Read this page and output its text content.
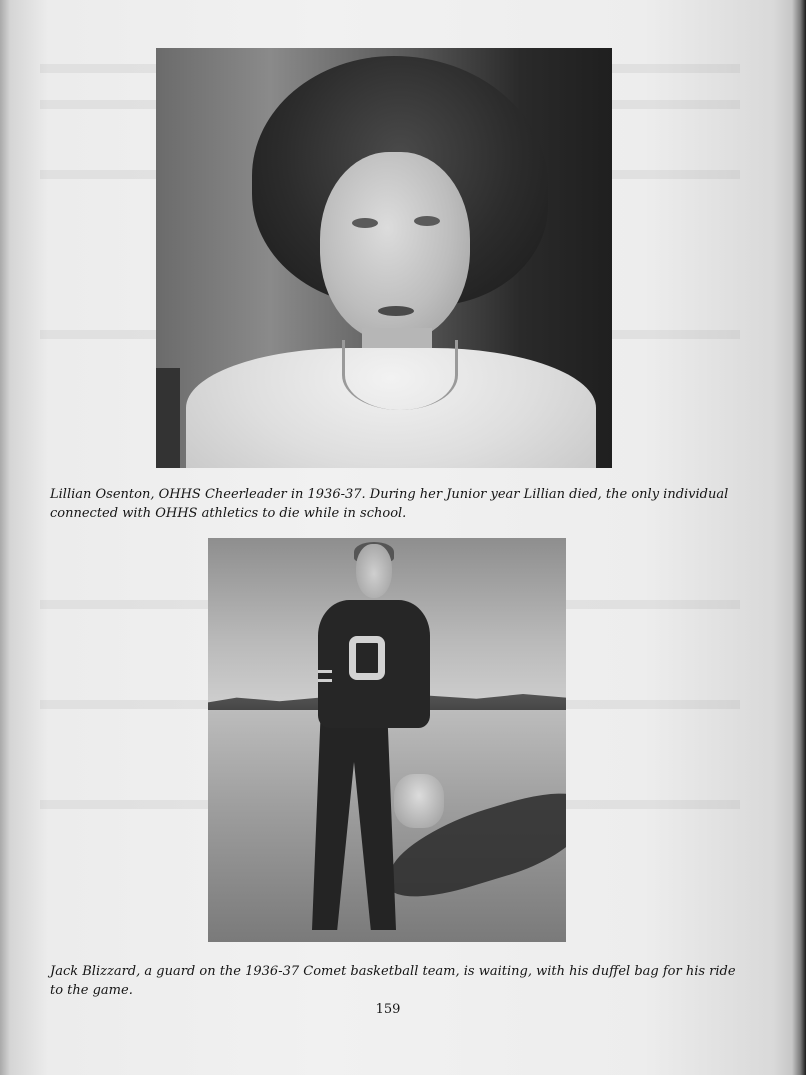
Lillian Osenton, OHHS Cheerleader in 1936-37. During her Junior year Lillian died, the only individual connected with OHHS athletics to die while in school.

Jack Blizzard, a guard on the 1936-37 Comet basketball team, is waiting, with his duffel bag for his ride to the game.

159
